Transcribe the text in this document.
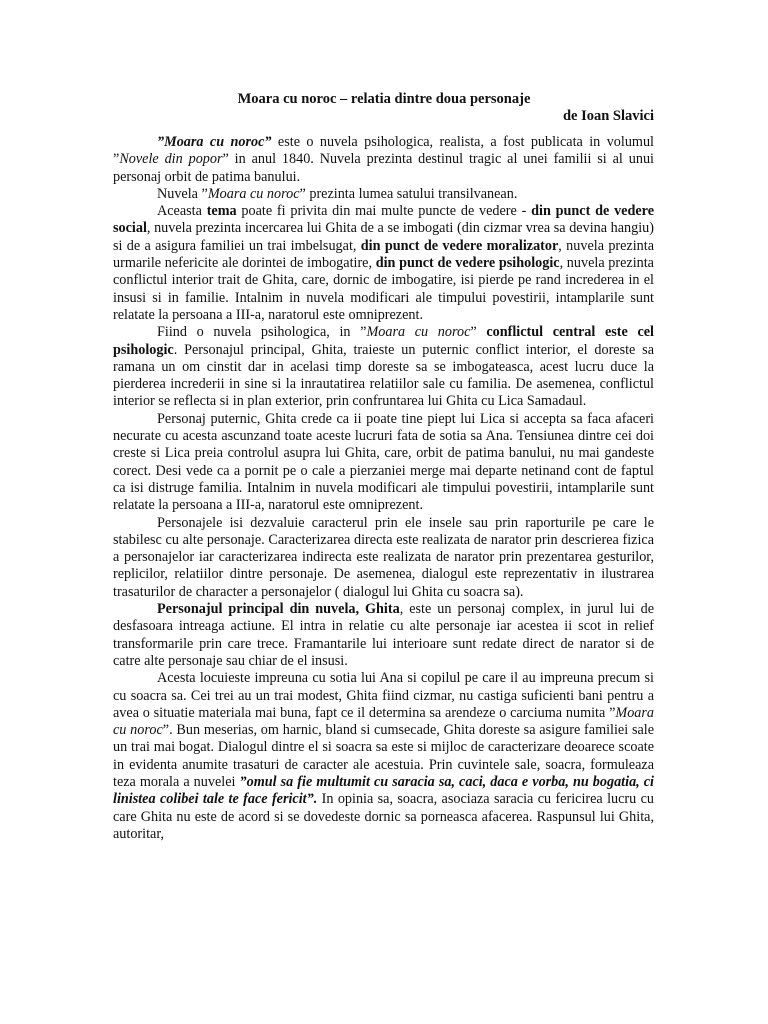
Moara cu noroc – relatia dintre doua personaje
de Ioan Slavici

”Moara cu noroc” este o nuvela psihologica, realista, a fost publicata in volumul ”Novele din popor” in anul 1840. Nuvela prezinta destinul tragic al unei familii si al unui personaj orbit de patima banului.

Nuvela ”Moara cu noroc” prezinta lumea satului transilvanean.

Aceasta tema poate fi privita din mai multe puncte de vedere - din punct de vedere social, nuvela prezinta incercarea lui Ghita de a se imbogati (din cizmar vrea sa devina hangiu) si de a asigura familiei un trai imbelsugat, din punct de vedere moralizator, nuvela prezinta urmarile nefericite ale dorintei de imbogatire, din punct de vedere psihologic, nuvela prezinta conflictul interior trait de Ghita, care, dornic de imbogatire, isi pierde pe rand increderea in el insusi si in familie. Intalnim in nuvela modificari ale timpului povestirii, intamplarile sunt relatate la persoana a III-a, naratorul este omniprezent.

Fiind o nuvela psihologica, in ”Moara cu noroc” conflictul central este cel psihologic. Personajul principal, Ghita, traieste un puternic conflict interior, el doreste sa ramana un om cinstit dar in acelasi timp doreste sa se imbogateasca, acest lucru duce la pierderea increderii in sine si la inrautatirea relatiilor sale cu familia. De asemenea, conflictul interior se reflecta si in plan exterior, prin confruntarea lui Ghita cu Lica Samadaul.

Personaj puternic, Ghita crede ca ii poate tine piept lui Lica si accepta sa faca afaceri necurate cu acesta ascunzand toate aceste lucruri fata de sotia sa Ana. Tensiunea dintre cei doi creste si Lica preia controlul asupra lui Ghita, care, orbit de patima banului, nu mai gandeste corect. Desi vede ca a pornit pe o cale a pierzaniei merge mai departe netinand cont de faptul ca isi distruge familia. Intalnim in nuvela modificari ale timpului povestirii, intamplarile sunt relatate la persoana a III-a, naratorul este omniprezent.

Personajele isi dezvaluie caracterul prin ele insele sau prin raporturile pe care le stabilesc cu alte personaje. Caracterizarea directa este realizata de narator prin descrierea fizica a personajelor iar caracterizarea indirecta este realizata de narator prin prezentarea gesturilor, replicilor, relatiilor dintre personaje. De asemenea, dialogul este reprezentativ in ilustrarea trasaturilor de character a personajelor ( dialogul lui Ghita cu soacra sa).

Personajul principal din nuvela, Ghita, este un personaj complex, in jurul lui de desfasoara intreaga actiune. El intra in relatie cu alte personaje iar acestea ii scot in relief transformarile prin care trece. Framantarile lui interioare sunt redate direct de narator si de catre alte personaje sau chiar de el insusi.

Acesta locuieste impreuna cu sotia lui Ana si copilul pe care il au impreuna precum si cu soacra sa. Cei trei au un trai modest, Ghita fiind cizmar, nu castiga suficienti bani pentru a avea o situatie materiala mai buna, fapt ce il determina sa arendeze o carciuma numita ”Moara cu noroc”. Bun meserias, om harnic, bland si cumsecade, Ghita doreste sa asigure familiei sale un trai mai bogat. Dialogul dintre el si soacra sa este si mijloc de caracterizare deoarece scoate in evidenta anumite trasaturi de caracter ale acestuia. Prin cuvintele sale, soacra, formuleaza teza morala a nuvelei ”omul sa fie multumit cu saracia sa, caci, daca e vorba, nu bogatia, ci linistea colibei tale te face fericit”. In opinia sa, soacra, asociaza saracia cu fericirea lucru cu care Ghita nu este de acord si se dovedeste dornic sa porneasca afacerea. Raspunsul lui Ghita, autoritar,
